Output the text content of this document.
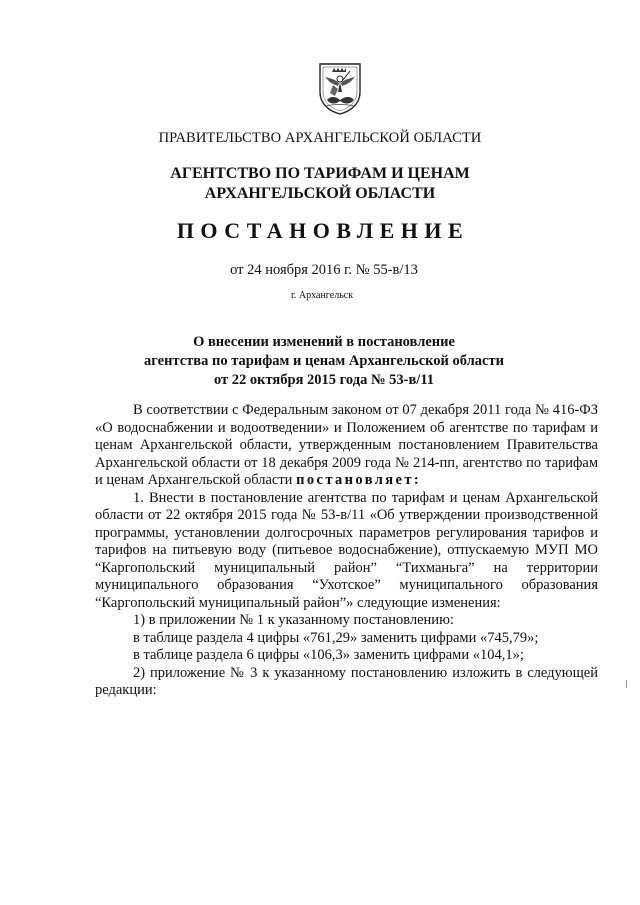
ПРАВИТЕЛЬСТВО АРХАНГЕЛЬСКОЙ ОБЛАСТИ
АГЕНТСТВО ПО ТАРИФАМ И ЦЕНАМ
АРХАНГЕЛЬСКОЙ ОБЛАСТИ
ПОСТАНОВЛЕНИЕ
от 24 ноября 2016 г. № 55-в/13
г. Архангельск
О внесении изменений в постановление
агентства по тарифам и ценам Архангельской области
от 22 октября 2015 года № 53-в/11

В соответствии с Федеральным законом от 07 декабря 2011 года № 416-ФЗ «О водоснабжении и водоотведении» и Положением об агентстве по тарифам и ценам Архангельской области, утвержденным постановлением Правительства Архангельской области от 18 декабря 2009 года № 214-пп, агентство по тарифам и ценам Архангельской области постановляет:

1. Внести в постановление агентства по тарифам и ценам Архангельской области от 22 октября 2015 года № 53-в/11 «Об утверждении производственной программы, установлении долгосрочных параметров регулирования тарифов и тарифов на питьевую воду (питьевое водоснабжение), отпускаемую МУП МО “Каргопольский муниципальный район” “Тихманьга” на территории муниципального образования “Ухотское” муниципального образования “Каргопольский муниципальный район”» следующие изменения:

1) в приложении № 1 к указанному постановлению:

в таблице раздела 4 цифры «761,29» заменить цифрами «745,79»;

в таблице раздела 6 цифры «106,3» заменить цифрами «104,1»;

2) приложение № 3 к указанному постановлению изложить в следующей редакции:
